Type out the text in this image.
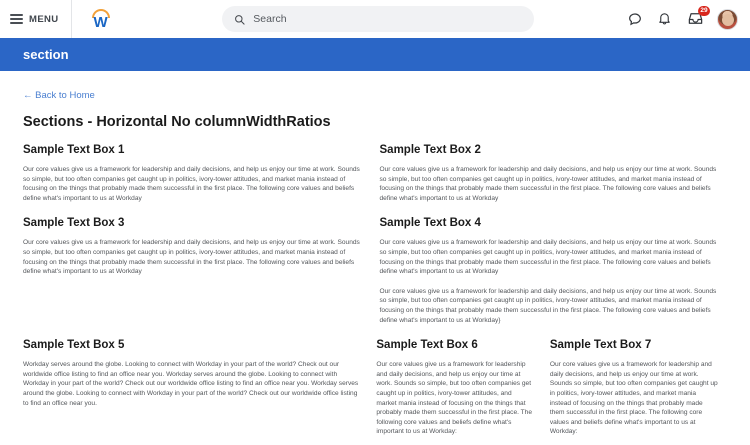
MENU W	Search
29
section
← Back to Home
Sections - Horizontal No columnWidthRatios
Sample Text Box 1

Our core values give us a framework for leadership and daily decisions, and help us enjoy our time at work. Sounds so simple, but too often companies get caught up in politics, ivory-tower attitudes, and market mania instead of focusing on the things that probably made them successful in the first place. The following core values and beliefs define what's important to us at Workday

Sample Text Box 2

Our core values give us a framework for leadership and daily decisions, and help us enjoy our time at work. Sounds so simple, but too often companies get caught up in politics, ivory-tower attitudes, and market mania instead of focusing on the things that probably made them successful in the first place. The following core values and beliefs define what's important to us at Workday

Sample Text Box 3

Our core values give us a framework for leadership and daily decisions, and help us enjoy our time at work. Sounds so simple, but too often companies get caught up in politics, ivory-tower attitudes, and market mania instead of focusing on the things that probably made them successful in the first place. The following core values and beliefs define what's important to us at Workday

Sample Text Box 4

Our core values give us a framework for leadership and daily decisions, and help us enjoy our time at work. Sounds so simple, but too often companies get caught up in politics, ivory-tower attitudes, and market mania instead of focusing on the things that probably made them successful in the first place. The following core values and beliefs define what's important to us at Workday

Our core values give us a framework for leadership and daily decisions, and help us enjoy our time at work. Sounds so simple, but too often companies get caught up in politics, ivory-tower attitudes, and market mania instead of focusing on the things that probably made them successful in the first place. The following core values and beliefs define what's important to us at Workday}

Sample Text Box 5

Workday serves around the globe. Looking to connect with Workday in your part of the world? Check out our worldwide office listing to find an office near you. Workday serves around the globe. Looking to connect with Workday in your part of the world? Check out our worldwide office listing to find an office near you. Workday serves around the globe. Looking to connect with Workday in your part of the world? Check out our worldwide office listing to find an office near you.

Sample Text Box 6

Our core values give us a framework for leadership and daily decisions, and help us enjoy our time at work. Sounds so simple, but too often companies get caught up in politics, ivory-tower attitudes, and market mania instead of focusing on the things that probably made them successful in the first place. The following core values and beliefs define what's important to us at Workday:

Sample Text Box 7

Our core values give us a framework for leadership and daily decisions, and help us enjoy our time at work. Sounds so simple, but too often companies get caught up in politics, ivory-tower attitudes, and market mania instead of focusing on the things that probably made them successful in the first place. The following core values and beliefs define what's important to us at Workday:
